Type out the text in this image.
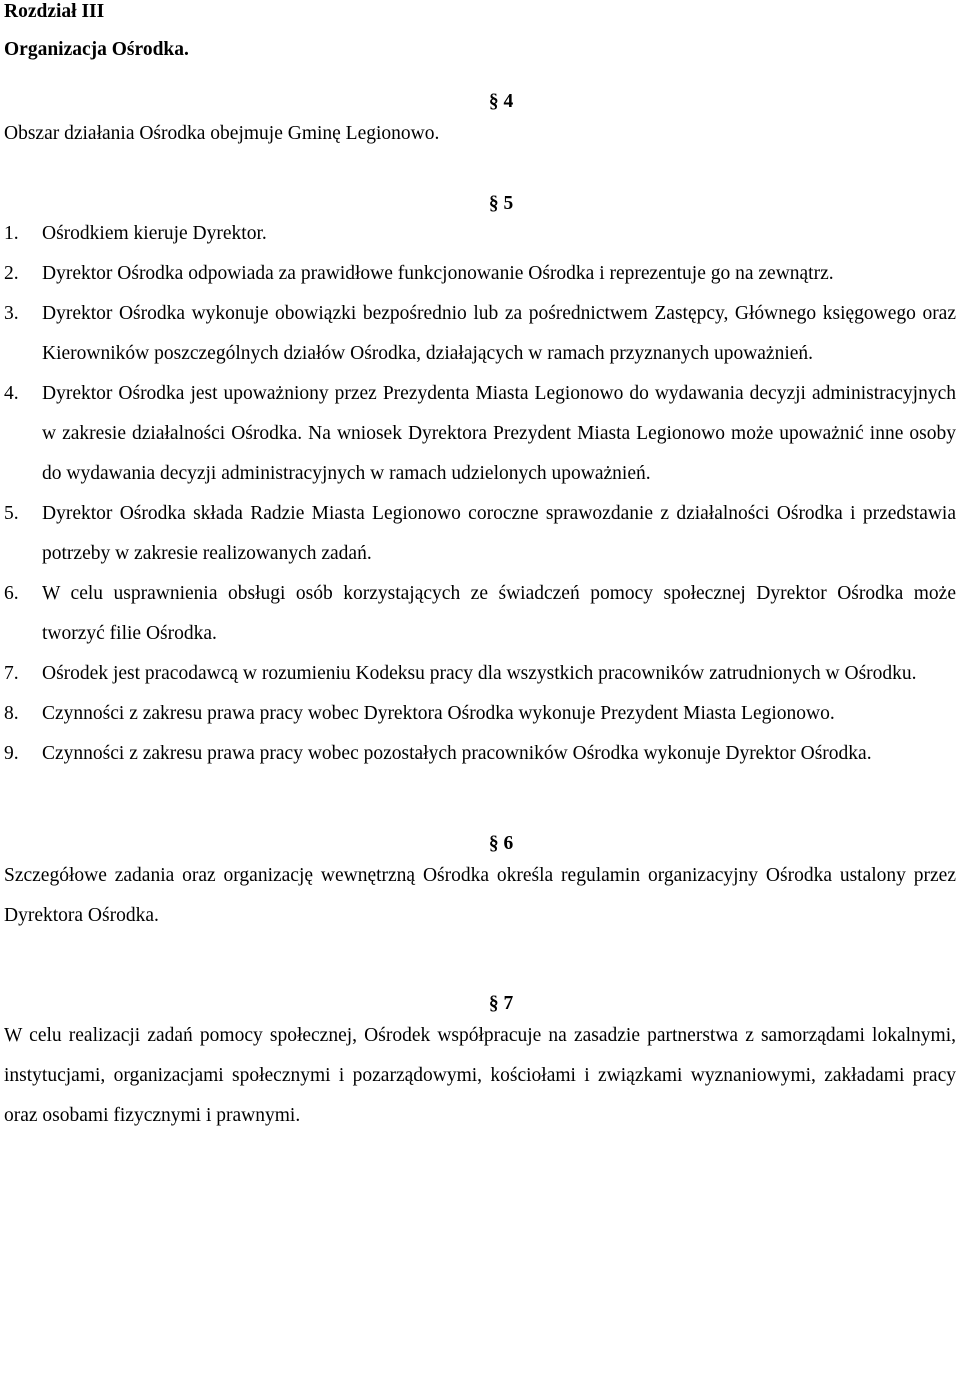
Rozdział III

Organizacja Ośrodka.

§ 4

Obszar działania Ośrodka obejmuje Gminę Legionowo.

§ 5

1. Ośrodkiem kieruje Dyrektor.
2. Dyrektor Ośrodka odpowiada za prawidłowe funkcjonowanie Ośrodka i reprezentuje go na zewnątrz.
3. Dyrektor Ośrodka wykonuje obowiązki bezpośrednio lub za pośrednictwem Zastępcy, Głównego księgowego oraz Kierowników poszczególnych działów Ośrodka, działających w ramach przyznanych upoważnień.
4. Dyrektor Ośrodka jest upoważniony przez Prezydenta Miasta Legionowo do wydawania decyzji administracyjnych w zakresie działalności Ośrodka. Na wniosek Dyrektora Prezydent Miasta Legionowo może upoważnić inne osoby do wydawania decyzji administracyjnych w ramach udzielonych upoważnień.
5. Dyrektor Ośrodka składa Radzie Miasta Legionowo coroczne sprawozdanie z działalności Ośrodka i przedstawia potrzeby w zakresie realizowanych zadań.
6. W celu usprawnienia obsługi osób korzystających ze świadczeń pomocy społecznej Dyrektor Ośrodka może tworzyć filie Ośrodka.
7. Ośrodek jest pracodawcą w rozumieniu Kodeksu pracy dla wszystkich pracowników zatrudnionych w Ośrodku.
8. Czynności z zakresu prawa pracy wobec Dyrektora Ośrodka wykonuje Prezydent Miasta Legionowo.
9. Czynności z zakresu prawa pracy wobec pozostałych pracowników Ośrodka wykonuje Dyrektor Ośrodka.

§ 6

Szczegółowe zadania oraz organizację wewnętrzną Ośrodka określa regulamin organizacyjny Ośrodka ustalony przez Dyrektora Ośrodka.

§ 7

W celu realizacji zadań pomocy społecznej, Ośrodek współpracuje na zasadzie partnerstwa z samorządami lokalnymi, instytucjami, organizacjami społecznymi i pozarządowymi, kościołami i związkami wyznaniowymi, zakładami pracy oraz osobami fizycznymi i prawnymi.
